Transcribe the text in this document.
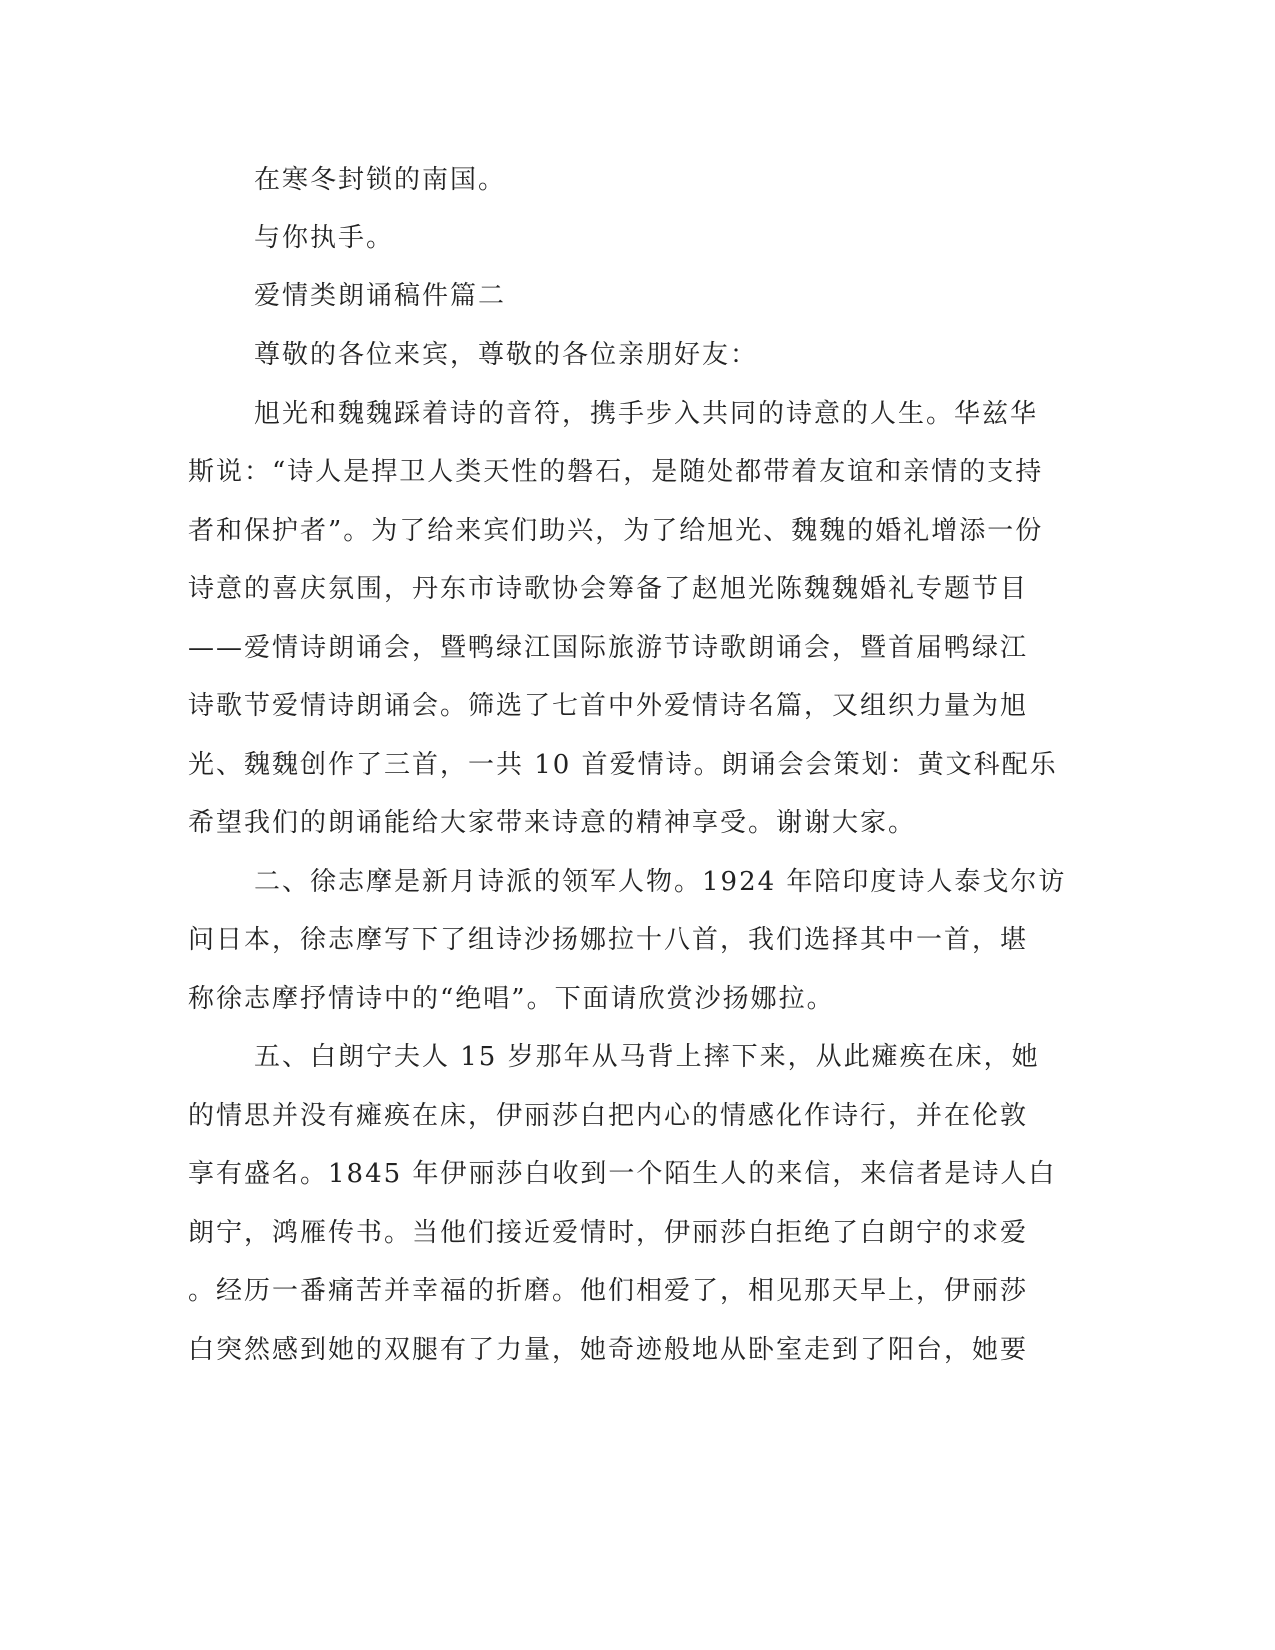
在寒冬封锁的南国。
与你执手。
爱情类朗诵稿件篇二
尊敬的各位来宾，尊敬的各位亲朋好友：
旭光和魏魏踩着诗的音符，携手步入共同的诗意的人生。华兹华
斯说：“诗人是捍卫人类天性的磐石，是随处都带着友谊和亲情的支持
者和保护者”。为了给来宾们助兴，为了给旭光、魏魏的婚礼增添一份
诗意的喜庆氛围，丹东市诗歌协会筹备了赵旭光陈魏魏婚礼专题节目
——爱情诗朗诵会，暨鸭绿江国际旅游节诗歌朗诵会，暨首届鸭绿江
诗歌节爱情诗朗诵会。筛选了七首中外爱情诗名篇，又组织力量为旭
光、魏魏创作了三首，一共 10 首爱情诗。朗诵会会策划：黄文科配乐
希望我们的朗诵能给大家带来诗意的精神享受。谢谢大家。
二、徐志摩是新月诗派的领军人物。1924 年陪印度诗人泰戈尔访
问日本，徐志摩写下了组诗沙扬娜拉十八首，我们选择其中一首，堪
称徐志摩抒情诗中的“绝唱”。下面请欣赏沙扬娜拉。
五、白朗宁夫人 15 岁那年从马背上摔下来，从此瘫痪在床，她
的情思并没有瘫痪在床，伊丽莎白把内心的情感化作诗行，并在伦敦
享有盛名。1845 年伊丽莎白收到一个陌生人的来信，来信者是诗人白
朗宁，鸿雁传书。当他们接近爱情时，伊丽莎白拒绝了白朗宁的求爱
。经历一番痛苦并幸福的折磨。他们相爱了，相见那天早上，伊丽莎
白突然感到她的双腿有了力量，她奇迹般地从卧室走到了阳台，她要
